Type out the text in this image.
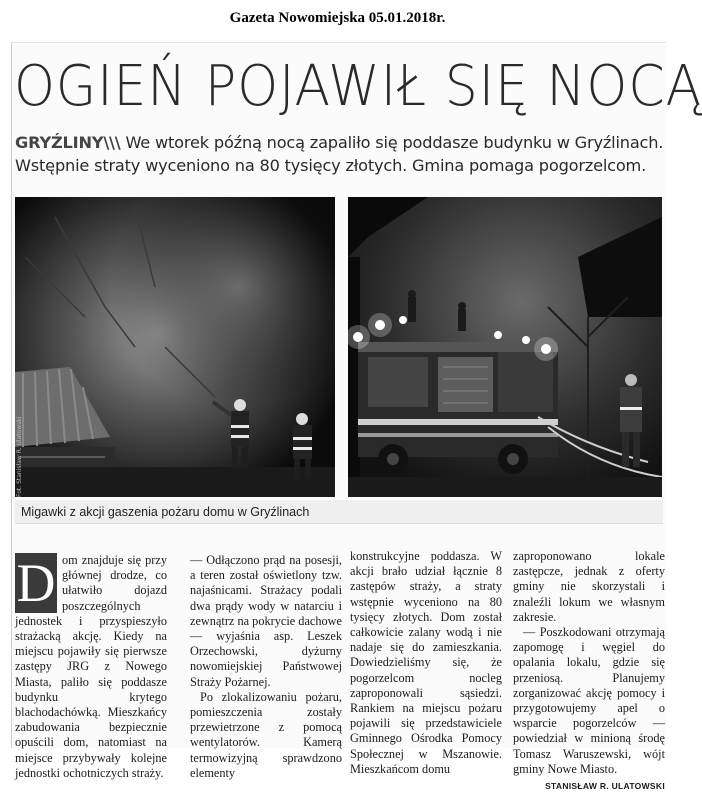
Gazeta Nowomiejska 05.01.2018r.
OGIEŃ POJAWIŁ SIĘ NOCĄ
GRYŹLINY\\\ We wtorek późną nocą zapaliło się poddasze budynku w Gryźlinach.
Wstępnie straty wyceniono na 80 tysięcy złotych. Gmina pomaga pogorzelcom.
Fot. Stanisław R. Ulatowski
Migawki z akcji gaszenia pożaru domu w Gryźlinach
D om znajduje się przy głównej drodze, co ułatwiło dojazd poszczególnych jednostek i przyspieszyło strażacką akcję. Kiedy na miejscu pojawiły się pierwsze zastępy JRG z Nowego Miasta, paliło się poddasze budynku krytego blachodachówką. Mieszkańcy zabudowania bezpiecznie opuścili dom, natomiast na miejsce przybywały kolejne jednostki ochotniczych straży.

— Odłączono prąd na posesji, a teren został oświetlony tzw. najaśnicami. Strażacy podali dwa prądy wody w natarciu i zewnątrz na pokrycie dachowe — wyjaśnia asp. Leszek Orzechowski, dyżurny nowomiejskiej Państwowej Straży Pożarnej.

Po zlokalizowaniu pożaru, pomieszczenia zostały przewietrzone z pomocą wentylatorów. Kamerą termowizyjną sprawdzono elementy

konstrukcyjne poddasza. W akcji brało udział łącznie 8 zastępów straży, a straty wstępnie wyceniono na 80 tysięcy złotych. Dom został całkowicie zalany wodą i nie nadaje się do zamieszkania. Dowiedzieliśmy się, że pogorzelcom nocleg zaproponowali sąsiedzi. Rankiem na miejscu pożaru pojawili się przedstawiciele Gminnego Ośrodka Pomocy Społecznej w Mszanowie. Mieszkańcom domu

zaproponowano lokale zastępcze, jednak z oferty gminy nie skorzystali i znaleźli lokum we własnym zakresie.

— Poszkodowani otrzymają zapomogę i węgiel do opalania lokalu, gdzie się przeniosą. Planujemy zorganizować akcję pomocy i przygotowujemy apel o wsparcie pogorzelców — powiedział w minioną środę Tomasz Waruszewski, wójt gminy Nowe Miasto.

STANISŁAW R. ULATOWSKI
